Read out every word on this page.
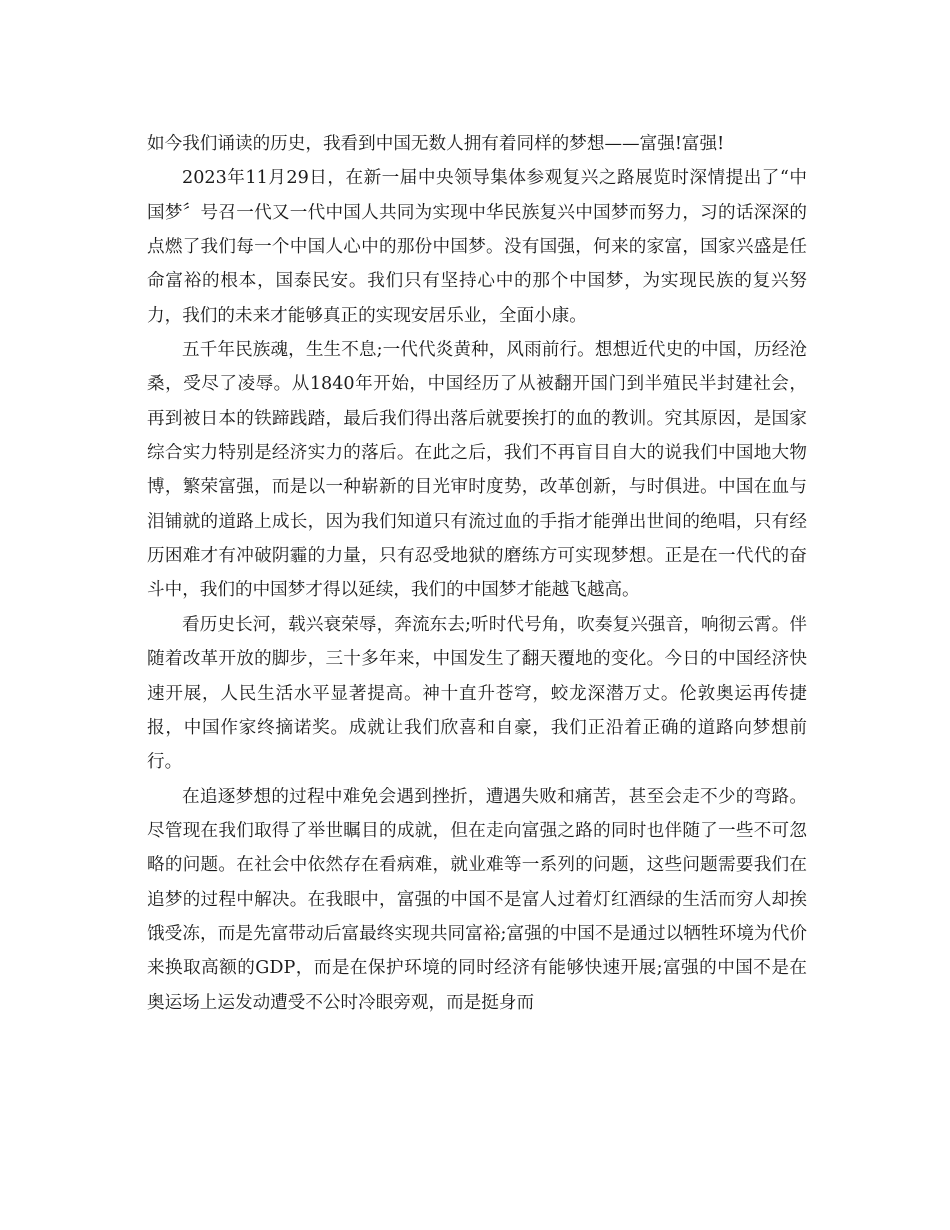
如今我们诵读的历史，我看到中国无数人拥有着同样的梦想——富强!富强!

2023年11月29日，在新一届中央领导集体参观复兴之路展览时深情提出了“中国梦〞号召一代又一代中国人共同为实现中华民族复兴中国梦而努力，习的话深深的点燃了我们每一个中国人心中的那份中国梦。没有国强，何来的家富，国家兴盛是任命富裕的根本，国泰民安。我们只有坚持心中的那个中国梦，为实现民族的复兴努力，我们的未来才能够真正的实现安居乐业，全面小康。

五千年民族魂，生生不息;一代代炎黄种，风雨前行。想想近代史的中国，历经沧桑，受尽了凌辱。从1840年开始，中国经历了从被翻开国门到半殖民半封建社会，再到被日本的铁蹄践踏，最后我们得出落后就要挨打的血的教训。究其原因，是国家综合实力特别是经济实力的落后。在此之后，我们不再盲目自大的说我们中国地大物博，繁荣富强，而是以一种崭新的目光审时度势，改革创新，与时俱进。中国在血与泪铺就的道路上成长，因为我们知道只有流过血的手指才能弹出世间的绝唱，只有经历困难才有冲破阴霾的力量，只有忍受地狱的磨练方可实现梦想。正是在一代代的奋斗中，我们的中国梦才得以延续，我们的中国梦才能越飞越高。

看历史长河，载兴衰荣辱，奔流东去;听时代号角，吹奏复兴强音，响彻云霄。伴随着改革开放的脚步，三十多年来，中国发生了翻天覆地的变化。今日的中国经济快速开展，人民生活水平显著提高。神十直升苍穹，蛟龙深潜万丈。伦敦奥运再传捷报，中国作家终摘诺奖。成就让我们欣喜和自豪，我们正沿着正确的道路向梦想前行。

在追逐梦想的过程中难免会遇到挫折，遭遇失败和痛苦，甚至会走不少的弯路。尽管现在我们取得了举世瞩目的成就，但在走向富强之路的同时也伴随了一些不可忽略的问题。在社会中依然存在看病难，就业难等一系列的问题，这些问题需要我们在追梦的过程中解决。在我眼中，富强的中国不是富人过着灯红酒绿的生活而穷人却挨饿受冻，而是先富带动后富最终实现共同富裕;富强的中国不是通过以牺牲环境为代价来换取高额的GDP，而是在保护环境的同时经济有能够快速开展;富强的中国不是在奥运场上运发动遭受不公时冷眼旁观，而是挺身而
